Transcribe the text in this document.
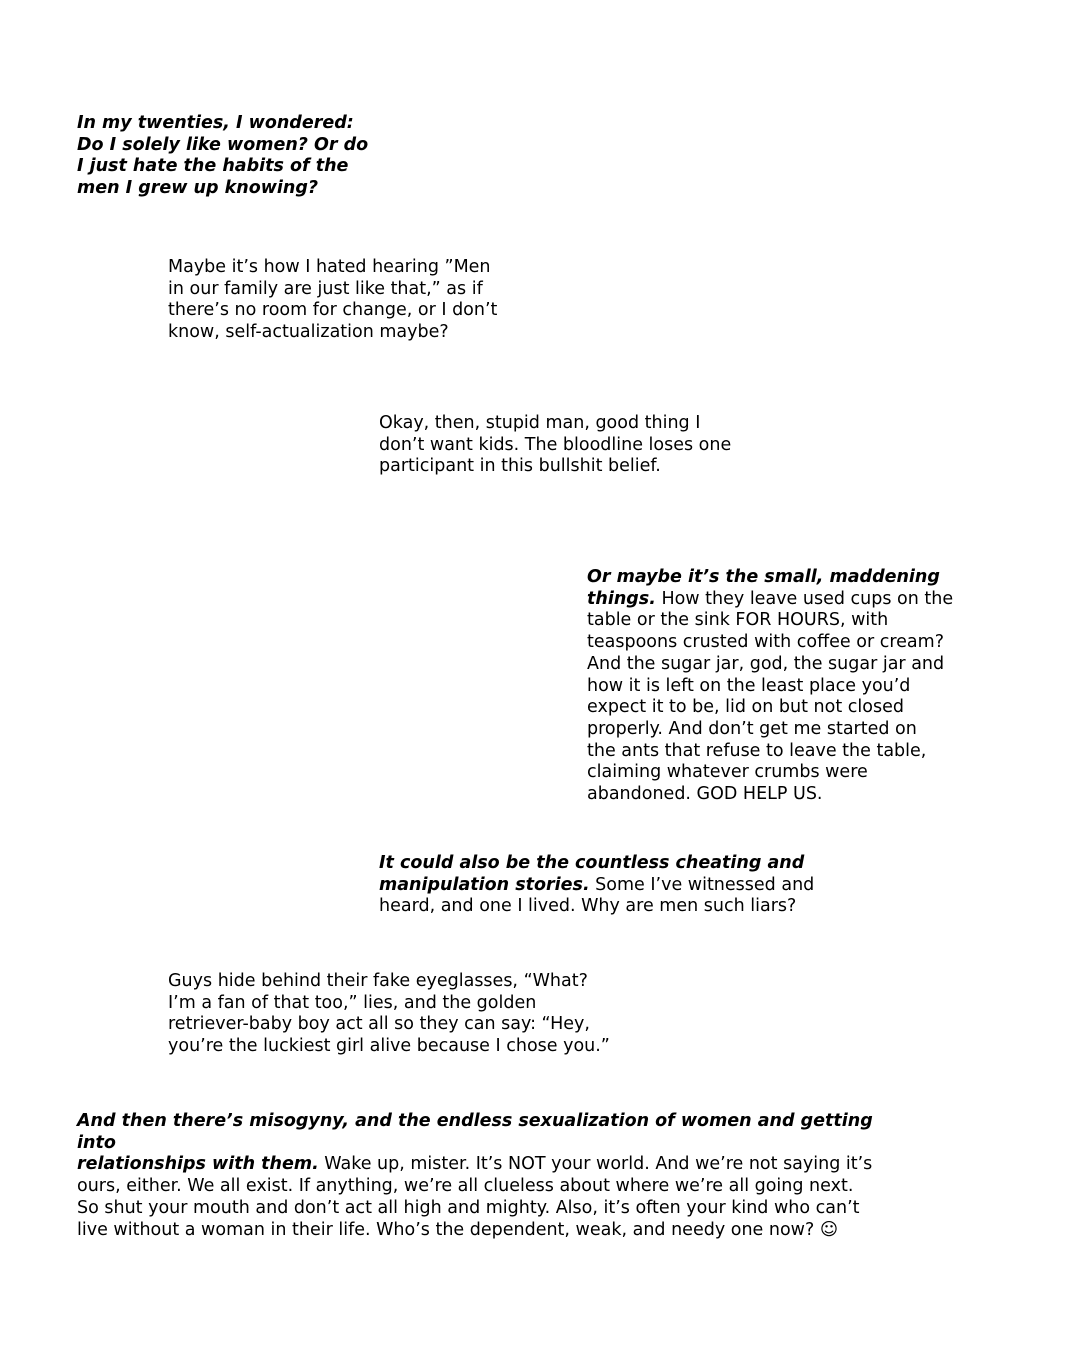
In my twenties, I wondered:
Do I solely like women? Or do
I just hate the habits of the
men I grew up knowing?

Maybe it’s how I hated hearing ”Men
in our family are just like that,” as if
there’s no room for change, or I don’t
know, self-actualization maybe?

Okay, then, stupid man, good thing I
don’t want kids. The bloodline loses one
participant in this bullshit belief.

Or maybe it’s the small, maddening
things. How they leave used cups on the
table or the sink FOR HOURS, with
teaspoons crusted with coffee or cream?
And the sugar jar, god, the sugar jar and
how it is left on the least place you’d
expect it to be, lid on but not closed
properly. And don’t get me started on
the ants that refuse to leave the table,
claiming whatever crumbs were
abandoned. GOD HELP US.

It could also be the countless cheating and
manipulation stories. Some I’ve witnessed and
heard, and one I lived. Why are men such liars?

Guys hide behind their fake eyeglasses, “What?
I’m a fan of that too,” lies, and the golden
retriever-baby boy act all so they can say: “Hey,
you’re the luckiest girl alive because I chose you.”

And then there’s misogyny, and the endless sexualization of women and getting into
relationships with them. Wake up, mister. It’s NOT your world. And we’re not saying it’s
ours, either. We all exist. If anything, we’re all clueless about where we’re all going next.
So shut your mouth and don’t act all high and mighty. Also, it’s often your kind who can’t
live without a woman in their life. Who’s the dependent, weak, and needy one now? ☺
